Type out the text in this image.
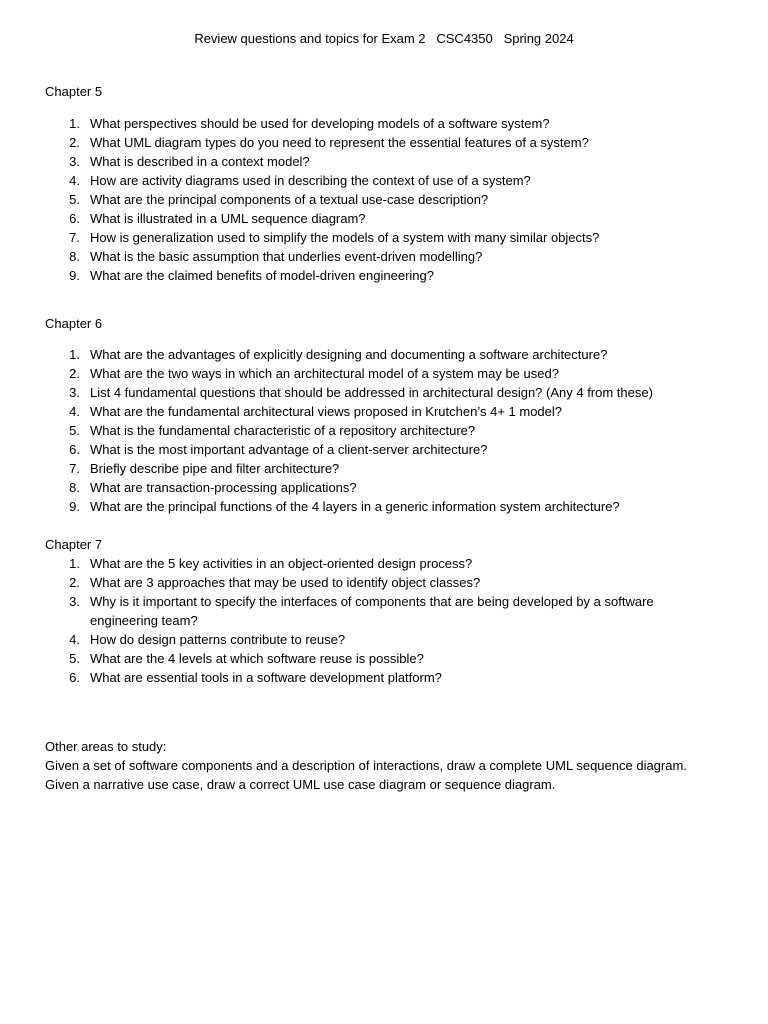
Review questions and topics for Exam 2   CSC4350   Spring 2024
Chapter 5
1. What perspectives should be used for developing models of a software system?
2. What UML diagram types do you need to represent the essential features of a system?
3. What is described in a context model?
4. How are activity diagrams used in describing the context of use of a system?
5. What are the principal components of a textual use-case description?
6. What is illustrated in a UML sequence diagram?
7. How is generalization used to simplify the models of a system with many similar objects?
8. What is the basic assumption that underlies event-driven modelling?
9. What are the claimed benefits of model-driven engineering?
Chapter 6
1. What are the advantages of explicitly designing and documenting a software architecture?
2. What are the two ways in which an architectural model of a system may be used?
3. List 4 fundamental questions that should be addressed in architectural design? (Any 4 from these)
4. What are the fundamental architectural views proposed in Krutchen’s 4+ 1 model?
5. What is the fundamental characteristic of a repository architecture?
6. What is the most important advantage of a client-server architecture?
7. Briefly describe pipe and filter architecture?
8. What are transaction-processing applications?
9. What are the principal functions of the 4 layers in a generic information system architecture?
Chapter 7
1. What are the 5 key activities in an object-oriented design process?
2. What are 3 approaches that may be used to identify object classes?
3. Why is it important to specify the interfaces of components that are being developed by a software engineering team?
4. How do design patterns contribute to reuse?
5. What are the 4 levels at which software reuse is possible?
6. What are essential tools in a software development platform?

Other areas to study:

Given a set of software components and a description of interactions, draw a complete UML sequence diagram.

Given a narrative use case, draw a correct UML use case diagram or sequence diagram.
